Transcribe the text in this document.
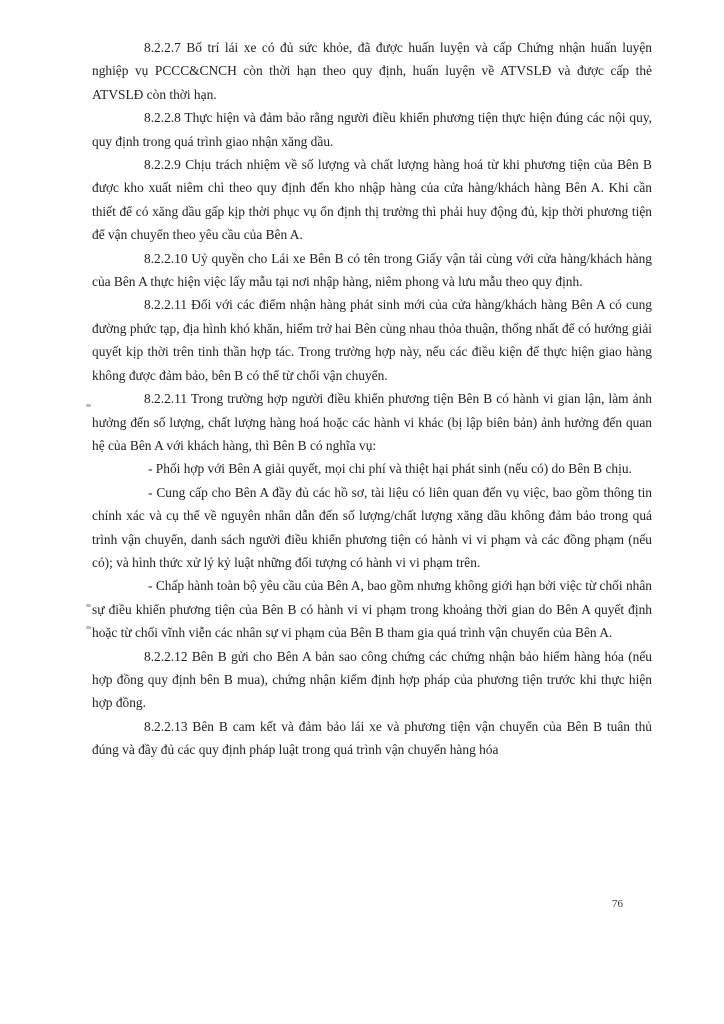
8.2.2.7 Bố trí lái xe có đủ sức khỏe, đã được huấn luyện và cấp Chứng nhận huấn luyện nghiệp vụ PCCC&CNCH còn thời hạn theo quy định, huấn luyện về ATVSLĐ và được cấp thẻ ATVSLĐ còn thời hạn.

8.2.2.8 Thực hiện và đảm bảo rằng người điều khiển phương tiện thực hiện đúng các nội quy, quy định trong quá trình giao nhận xăng dầu.

8.2.2.9 Chịu trách nhiệm về số lượng và chất lượng hàng hoá từ khi phương tiện của Bên B được kho xuất niêm chì theo quy định đến kho nhập hàng của cửa hàng/khách hàng Bên A. Khi cần thiết để có xăng dầu gấp kịp thời phục vụ ổn định thị trường thì phải huy động đủ, kịp thời phương tiện để vận chuyển theo yêu cầu của Bên A.

8.2.2.10 Uỷ quyền cho Lái xe Bên B có tên trong Giấy vận tải cùng với cửa hàng/khách hàng của Bên A thực hiện việc lấy mẫu tại nơi nhập hàng, niêm phong và lưu mẫu theo quy định.

8.2.2.11 Đối với các điểm nhận hàng phát sinh mới của cửa hàng/khách hàng Bên A có cung đường phức tạp, địa hình khó khăn, hiểm trở hai Bên cùng nhau thỏa thuận, thống nhất để có hướng giải quyết kịp thời trên tinh thần hợp tác. Trong trường hợp này, nếu các điều kiện để thực hiện giao hàng không được đảm bảo, bên B có thể từ chối vận chuyển.

8.2.2.11 Trong trường hợp người điều khiển phương tiện Bên B có hành vi gian lận, làm ảnh hưởng đến số lượng, chất lượng hàng hoá hoặc các hành vi khác (bị lập biên bản) ảnh hưởng đến quan hệ của Bên A với khách hàng, thì Bên B có nghĩa vụ:

- Phối hợp với Bên A giải quyết, mọi chi phí và thiệt hại phát sinh (nếu có) do Bên B chịu.

- Cung cấp cho Bên A đầy đủ các hồ sơ, tài liệu có liên quan đến vụ việc, bao gồm thông tin chính xác và cụ thể về nguyên nhân dẫn đến số lượng/chất lượng xăng dầu không đảm bảo trong quá trình vận chuyển, danh sách người điều khiển phương tiện có hành vi vi phạm và các đồng phạm (nếu có); và hình thức xử lý kỷ luật những đối tượng có hành vi vi phạm trên.

- Chấp hành toàn bộ yêu cầu của Bên A, bao gồm nhưng không giới hạn bởi việc từ chối nhân sự điều khiển phương tiện của Bên B có hành vi vi phạm trong khoảng thời gian do Bên A quyết định hoặc từ chối vĩnh viễn các nhân sự vi phạm của Bên B tham gia quá trình vận chuyển của Bên A.

8.2.2.12 Bên B gửi cho Bên A bản sao công chứng các chứng nhận bảo hiểm hàng hóa (nếu hợp đồng quy định bên B mua), chứng nhận kiểm định hợp pháp của phương tiện trước khi thực hiện hợp đồng.

8.2.2.13 Bên B cam kết và đảm bảo lái xe và phương tiện vận chuyển của Bên B tuân thủ đúng và đầy đủ các quy định pháp luật trong quá trình vận chuyển hàng hóa

76
